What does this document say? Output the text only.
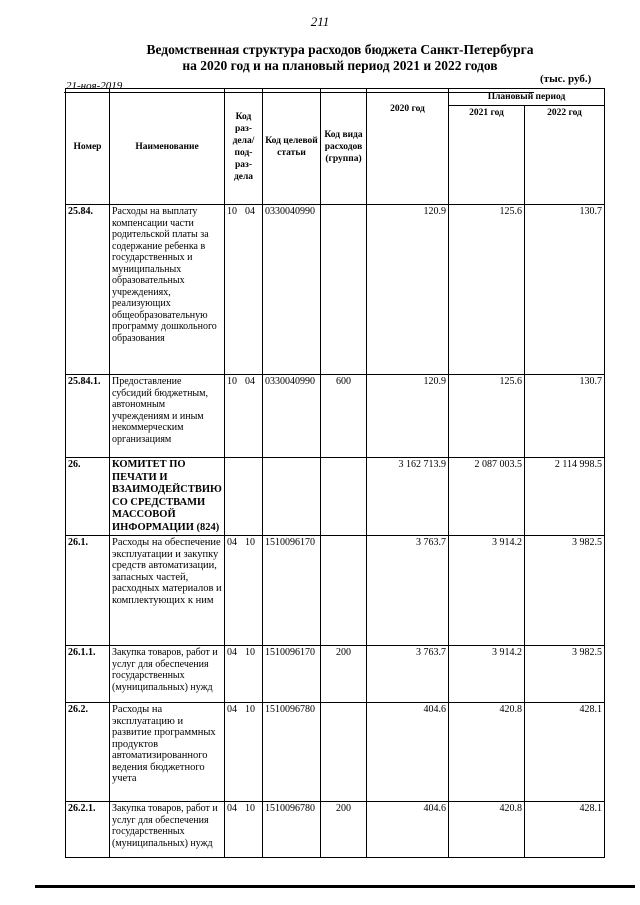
211
Ведомственная структура расходов бюджета Санкт-Петербурга
на 2020 год и на плановый период 2021 и 2022 годов
21-ноя-2019
(тыс. руб.)
Номер	Наименование	Код раз-дела/ под-раз-дела	Код целевой статьи	Код вида расходов (группа)	2020 год	Плановый период	
						2021 год	2022 год
25.84.	Расходы на выплату компенсации части родительской платы за содержание ребенка в государственных и муниципальных образовательных учреждениях, реализующих общеобразовательную программу дошкольного образования	10 04	0330040990		120.9	125.6	130.7
25.84.1.	Предоставление субсидий бюджетным, автономным учреждениям и иным некоммерческим организациям	10 04	0330040990	600	120.9	125.6	130.7
26.	КОМИТЕТ ПО ПЕЧАТИ И ВЗАИМОДЕЙСТВИЮ СО СРЕДСТВАМИ МАССОВОЙ ИНФОРМАЦИИ (824)				3 162 713.9	2 087 003.5	2 114 998.5
26.1.	Расходы на обеспечение эксплуатации и закупку средств автоматизации, запасных частей, расходных материалов и комплектующих к ним	04 10	1510096170		3 763.7	3 914.2	3 982.5
26.1.1.	Закупка товаров, работ и услуг для обеспечения государственных (муниципальных) нужд	04 10	1510096170	200	3 763.7	3 914.2	3 982.5
26.2.	Расходы на эксплуатацию и развитие программных продуктов автоматизированного ведения бюджетного учета	04 10	1510096780		404.6	420.8	428.1
26.2.1.	Закупка товаров, работ и услуг для обеспечения государственных (муниципальных) нужд	04 10	1510096780	200	404.6	420.8	428.1
